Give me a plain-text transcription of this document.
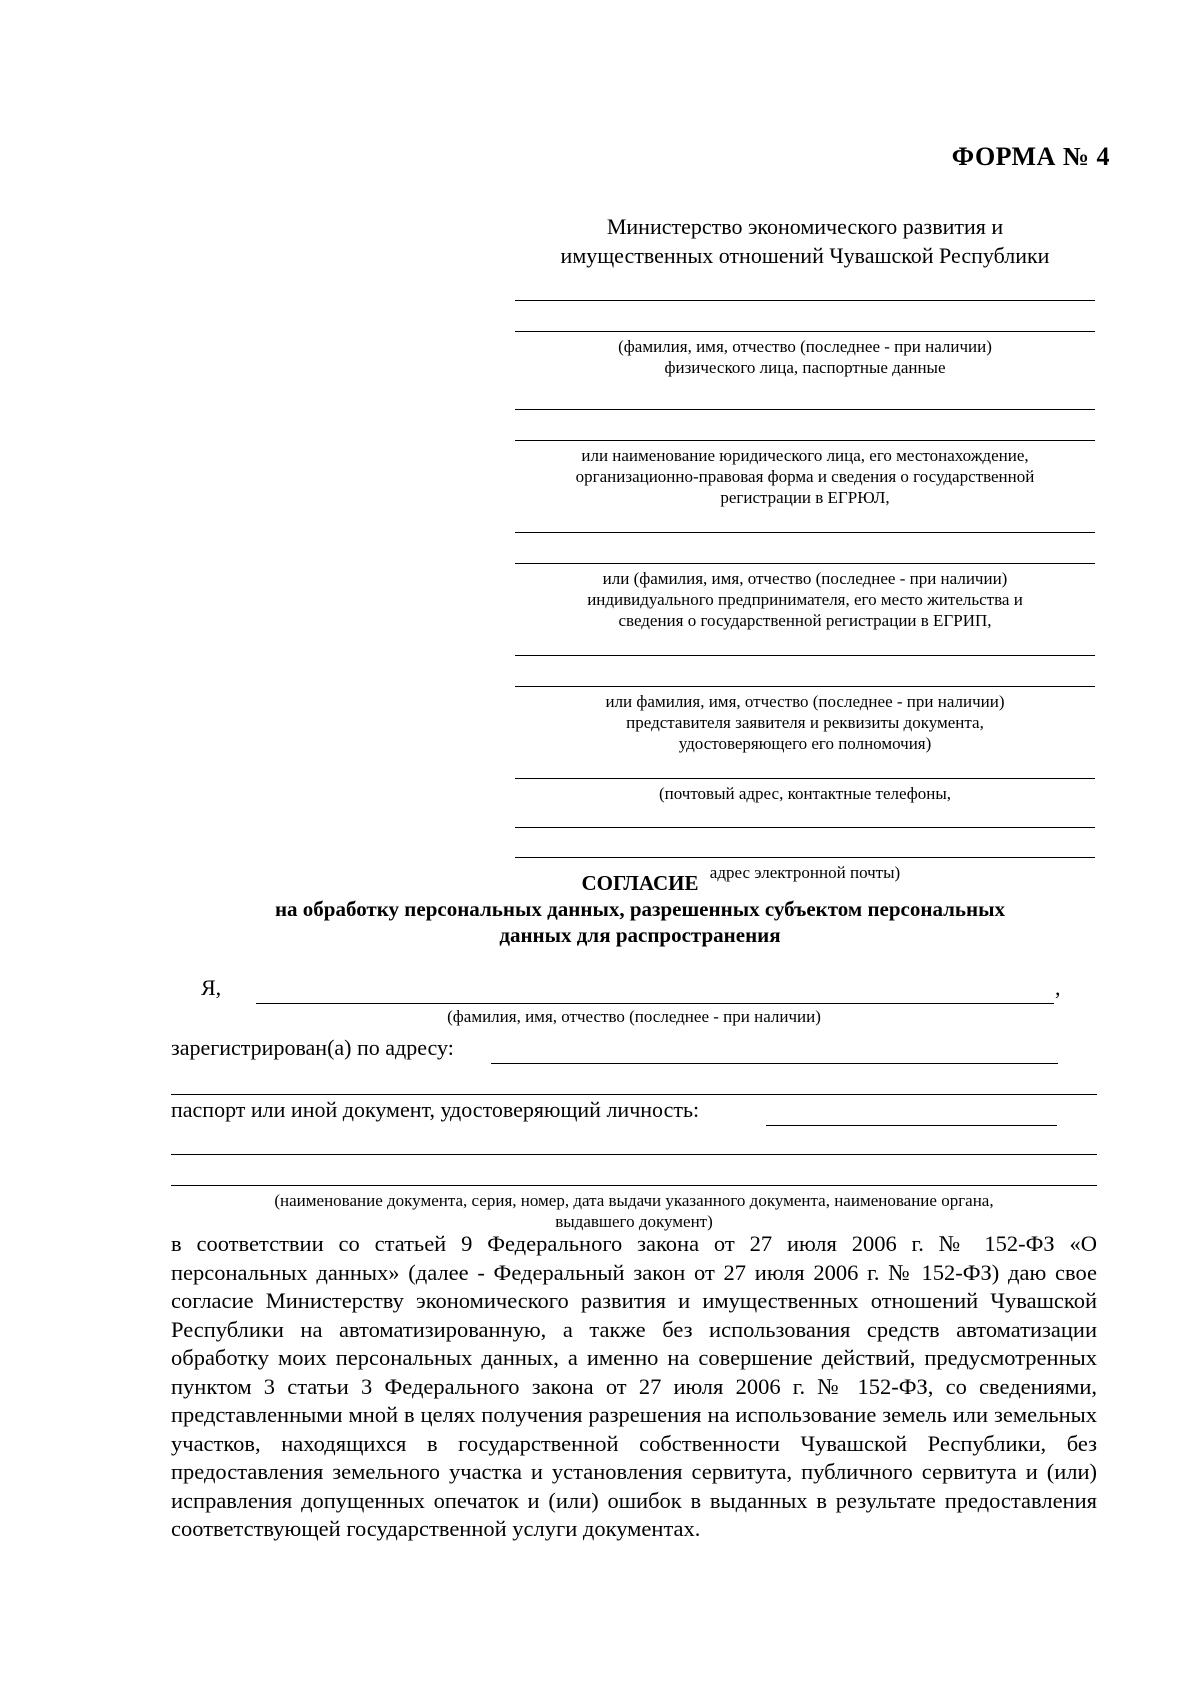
ФОРМА № 4

Министерство экономического развития и

имущественных отношений Чувашской Республики

(фамилия, имя, отчество (последнее - при наличии)

физического лица, паспортные данные

или наименование юридического лица, его местонахождение,

организационно-правовая форма и сведения о государственной

регистрации в ЕГРЮЛ,

или (фамилия, имя, отчество (последнее - при наличии)

индивидуального предпринимателя, его место жительства и

сведения о государственной регистрации в ЕГРИП,

или фамилия, имя, отчество (последнее - при наличии)

представителя заявителя и реквизиты документа,

удостоверяющего его полномочия)

(почтовый адрес, контактные телефоны,

адрес электронной почты)

СОГЛАСИЕ

на обработку персональных данных, разрешенных субъектом персональных

данных для распространения

Я,	,

(фамилия, имя, отчество (последнее - при наличии)

зарегистрирован(а) по адресу:
паспорт или иной документ, удостоверяющий личность:

(наименование документа, серия, номер, дата выдачи указанного документа, наименование органа,

выдавшего документ)

в соответствии со статьей 9 Федерального закона от 27 июля 2006 г. № 152-ФЗ «О персональных данных» (далее - Федеральный закон от 27 июля 2006 г. № 152-ФЗ) даю свое согласие Министерству экономического развития и имущественных отношений Чувашской Республики на автоматизированную, а также без использования средств автоматизации обработку моих персональных данных, а именно на совершение действий, предусмотренных пунктом 3 статьи 3 Федерального закона от 27 июля 2006 г. № 152-ФЗ, со сведениями, представленными мной в целях получения разрешения на использование земель или земельных участков, находящихся в государственной собственности Чувашской Республики, без предоставления земельного участка и установления сервитута, публичного сервитута и (или) исправления допущенных опечаток и (или) ошибок в выданных в результате предоставления соответствующей государственной услуги документах.
